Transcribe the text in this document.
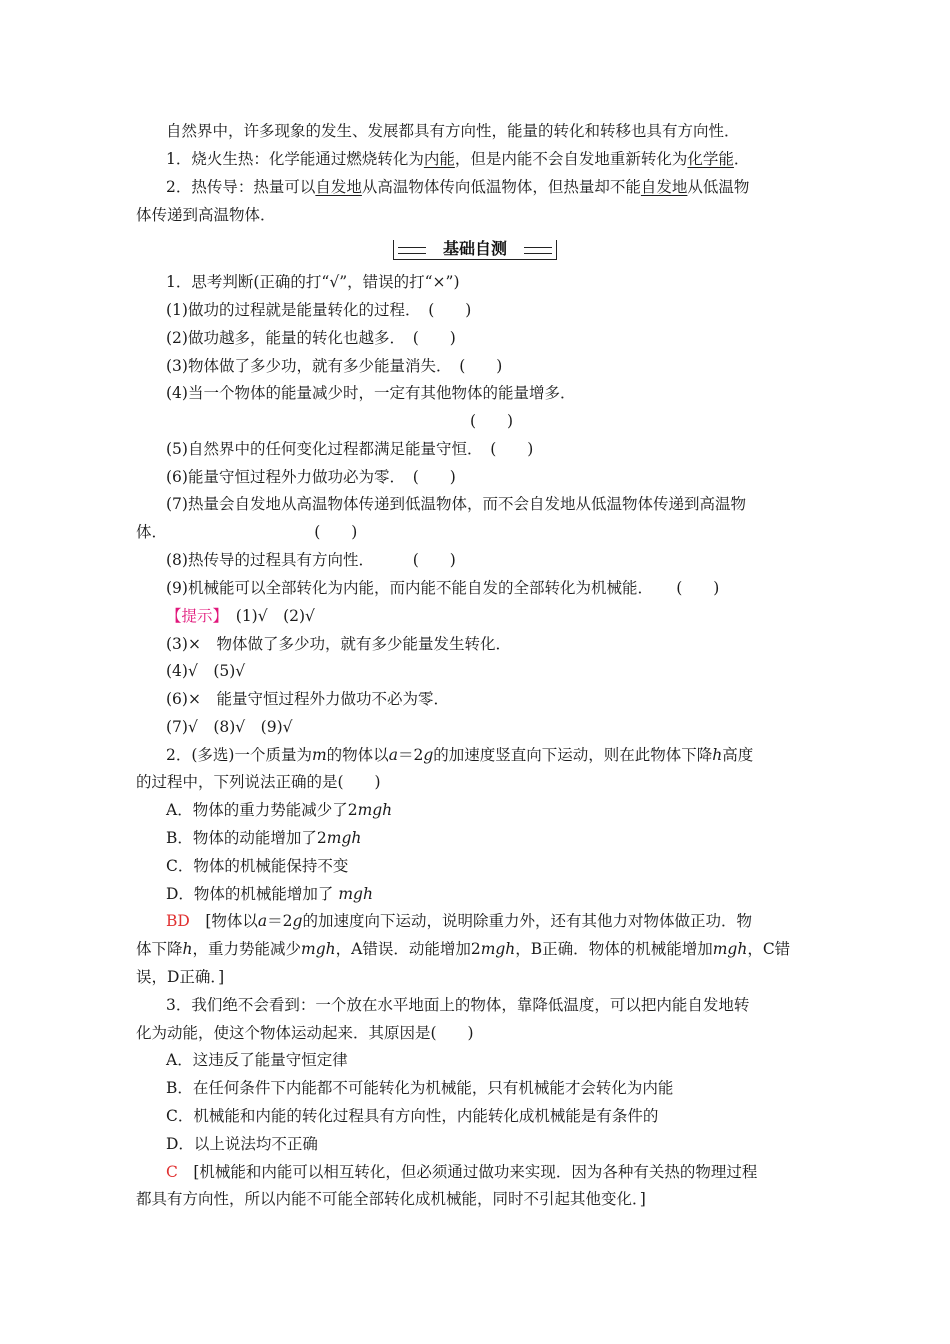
自然界中，许多现象的发生、发展都具有方向性，能量的转化和转移也具有方向性．
1．烧火生热：化学能通过燃烧转化为内能，但是内能不会自发地重新转化为化学能．
2．热传导：热量可以自发地从高温物体传向低温物体，但热量却不能自发地从低温物
体传递到高温物体．
基础自测
1．思考判断(正确的打“√”，错误的打“×”)
(1)做功的过程就是能量转化的过程．　(　　)
(2)做功越多，能量的转化也越多．　(　　)
(3)物体做了多少功，就有多少能量消失．　(　　)
(4)当一个物体的能量减少时，一定有其他物体的能量增多．
(　　)
(5)自然界中的任何变化过程都满足能量守恒．　(　　)
(6)能量守恒过程外力做功必为零．　(　　)
(7)热量会自发地从高温物体传递到低温物体，而不会自发地从低温物体传递到高温物
体．　　　　　　　　　　(　　)
(8)热传导的过程具有方向性．　　　(　　)
(9)机械能可以全部转化为内能，而内能不能自发的全部转化为机械能．　　(　　)
【提示】　(1)√　(2)√
(3)×　物体做了多少功，就有多少能量发生转化．
(4)√　(5)√
(6)×　能量守恒过程外力做功不必为零．
(7)√　(8)√　(9)√
2．(多选)一个质量为m的物体以a＝2g的加速度竖直向下运动，则在此物体下降h高度
的过程中，下列说法正确的是(　　)
A．物体的重力势能减少了2mgh
B．物体的动能增加了2mgh
C．物体的机械能保持不变
D．物体的机械能增加了 mgh
BD　[物体以a＝2g的加速度向下运动，说明除重力外，还有其他力对物体做正功．物
体下降h，重力势能减少mgh，A错误．动能增加2mgh，B正确．物体的机械能增加mgh，C错
误，D正确．]
3．我们绝不会看到：一个放在水平地面上的物体，靠降低温度，可以把内能自发地转
化为动能，使这个物体运动起来．其原因是(　　)
A．这违反了能量守恒定律
B．在任何条件下内能都不可能转化为机械能，只有机械能才会转化为内能
C．机械能和内能的转化过程具有方向性，内能转化成机械能是有条件的
D．以上说法均不正确
C　[机械能和内能可以相互转化，但必须通过做功来实现．因为各种有关热的物理过程
都具有方向性，所以内能不可能全部转化成机械能，同时不引起其他变化．]
